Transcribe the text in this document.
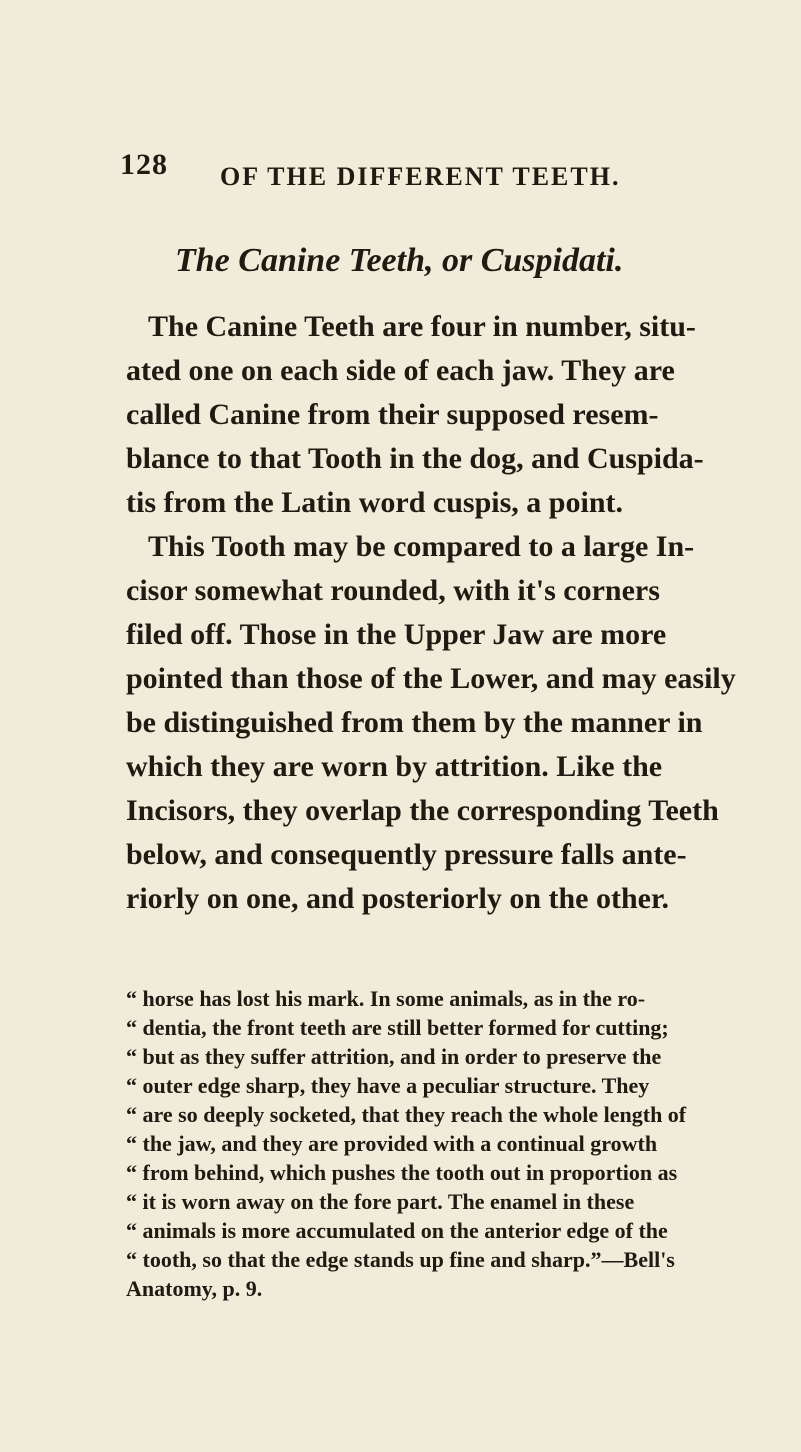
128 OF THE DIFFERENT TEETH.
The Canine Teeth, or Cuspidati.
The Canine Teeth are four in number, situ-
ated one on each side of each jaw. They are
called Canine from their supposed resem-
blance to that Tooth in the dog, and Cuspida-
tis from the Latin word cuspis, a point.
This Tooth may be compared to a large In-
cisor somewhat rounded, with it's corners
filed off. Those in the Upper Jaw are more
pointed than those of the Lower, and may easily
be distinguished from them by the manner in
which they are worn by attrition. Like the
Incisors, they overlap the corresponding Teeth
below, and consequently pressure falls ante-
riorly on one, and posteriorly on the other.
“ horse has lost his mark. In some animals, as in the ro-
“ dentia, the front teeth are still better formed for cutting;
“ but as they suffer attrition, and in order to preserve the
“ outer edge sharp, they have a peculiar structure. They
“ are so deeply socketed, that they reach the whole length of
“ the jaw, and they are provided with a continual growth
“ from behind, which pushes the tooth out in proportion as
“ it is worn away on the fore part. The enamel in these
“ animals is more accumulated on the anterior edge of the
“ tooth, so that the edge stands up fine and sharp.”—Bell's
Anatomy, p. 9.
